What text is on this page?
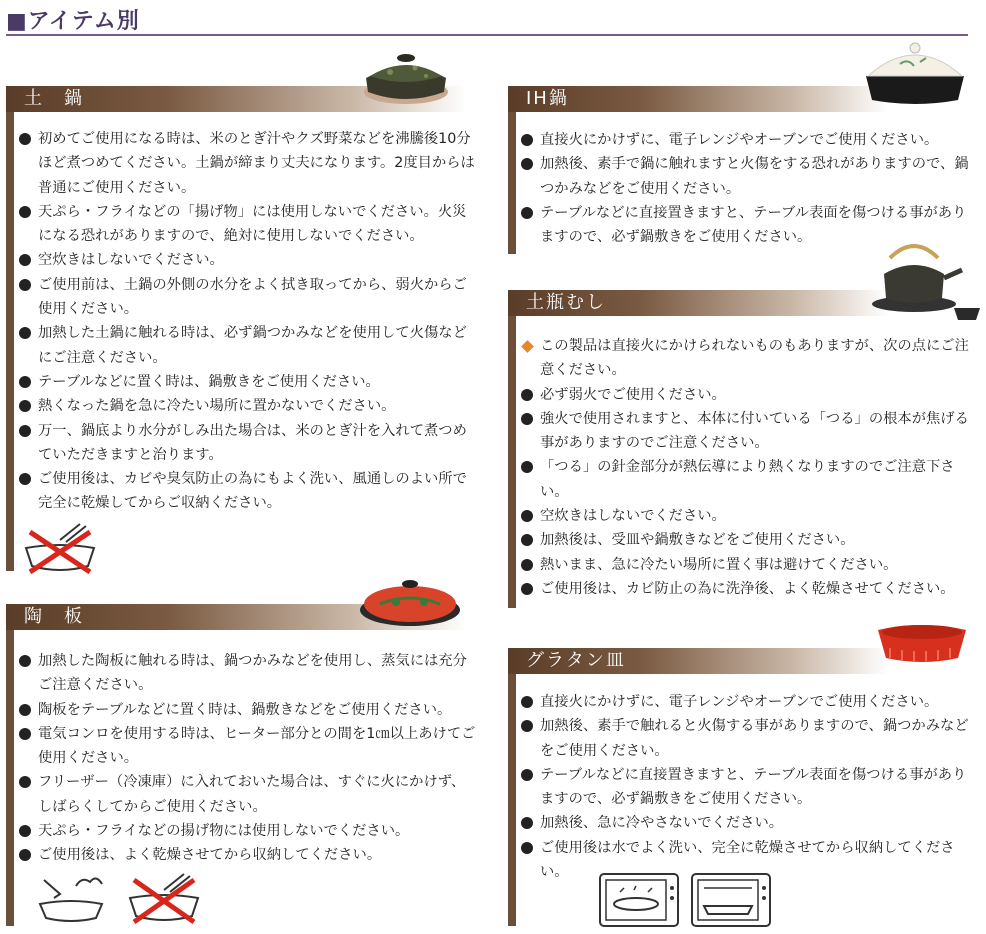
■アイテム別
土　鍋
初めてご使用になる時は、米のとぎ汁やクズ野菜などを沸騰後10分ほど煮つめてください。土鍋が締まり丈夫になります。2度目からは普通にご使用ください。
天ぷら・フライなどの「揚げ物」には使用しないでください。火災になる恐れがありますので、絶対に使用しないでください。
空炊きはしないでください。
ご使用前は、土鍋の外側の水分をよく拭き取ってから、弱火からご使用ください。
加熱した土鍋に触れる時は、必ず鍋つかみなどを使用して火傷などにご注意ください。
テーブルなどに置く時は、鍋敷きをご使用ください。
熱くなった鍋を急に冷たい場所に置かないでください。
万一、鍋底より水分がしみ出た場合は、米のとぎ汁を入れて煮つめていただきますと治ります。
ご使用後は、カビや臭気防止の為にもよく洗い、風通しのよい所で完全に乾燥してからご収納ください。
陶　板
加熱した陶板に触れる時は、鍋つかみなどを使用し、蒸気には充分ご注意ください。
陶板をテーブルなどに置く時は、鍋敷きなどをご使用ください。
電気コンロを使用する時は、ヒーター部分との間を1㎝以上あけてご使用ください。
フリーザー（冷凍庫）に入れておいた場合は、すぐに火にかけず、しばらくしてからご使用ください。
天ぷら・フライなどの揚げ物には使用しないでください。
ご使用後は、よく乾燥させてから収納してください。
IH鍋
直接火にかけずに、電子レンジやオーブンでご使用ください。
加熱後、素手で鍋に触れますと火傷をする恐れがありますので、鍋つかみなどをご使用ください。
テーブルなどに直接置きますと、テーブル表面を傷つける事がありますので、必ず鍋敷きをご使用ください。
土瓶むし
この製品は直接火にかけられないものもありますが、次の点にご注意ください。
必ず弱火でご使用ください。
強火で使用されますと、本体に付いている「つる」の根本が焦げる事がありますのでご注意ください。
「つる」の針金部分が熱伝導により熱くなりますのでご注意下さい。
空炊きはしないでください。
加熱後は、受皿や鍋敷きなどをご使用ください。
熱いまま、急に冷たい場所に置く事は避けてください。
ご使用後は、カビ防止の為に洗浄後、よく乾燥させてください。
グラタン皿
直接火にかけずに、電子レンジやオーブンでご使用ください。
加熱後、素手で触れると火傷する事がありますので、鍋つかみなどをご使用ください。
テーブルなどに直接置きますと、テーブル表面を傷つける事がありますので、必ず鍋敷きをご使用ください。
加熱後、急に冷やさないでください。
ご使用後は水でよく洗い、完全に乾燥させてから収納してください。
